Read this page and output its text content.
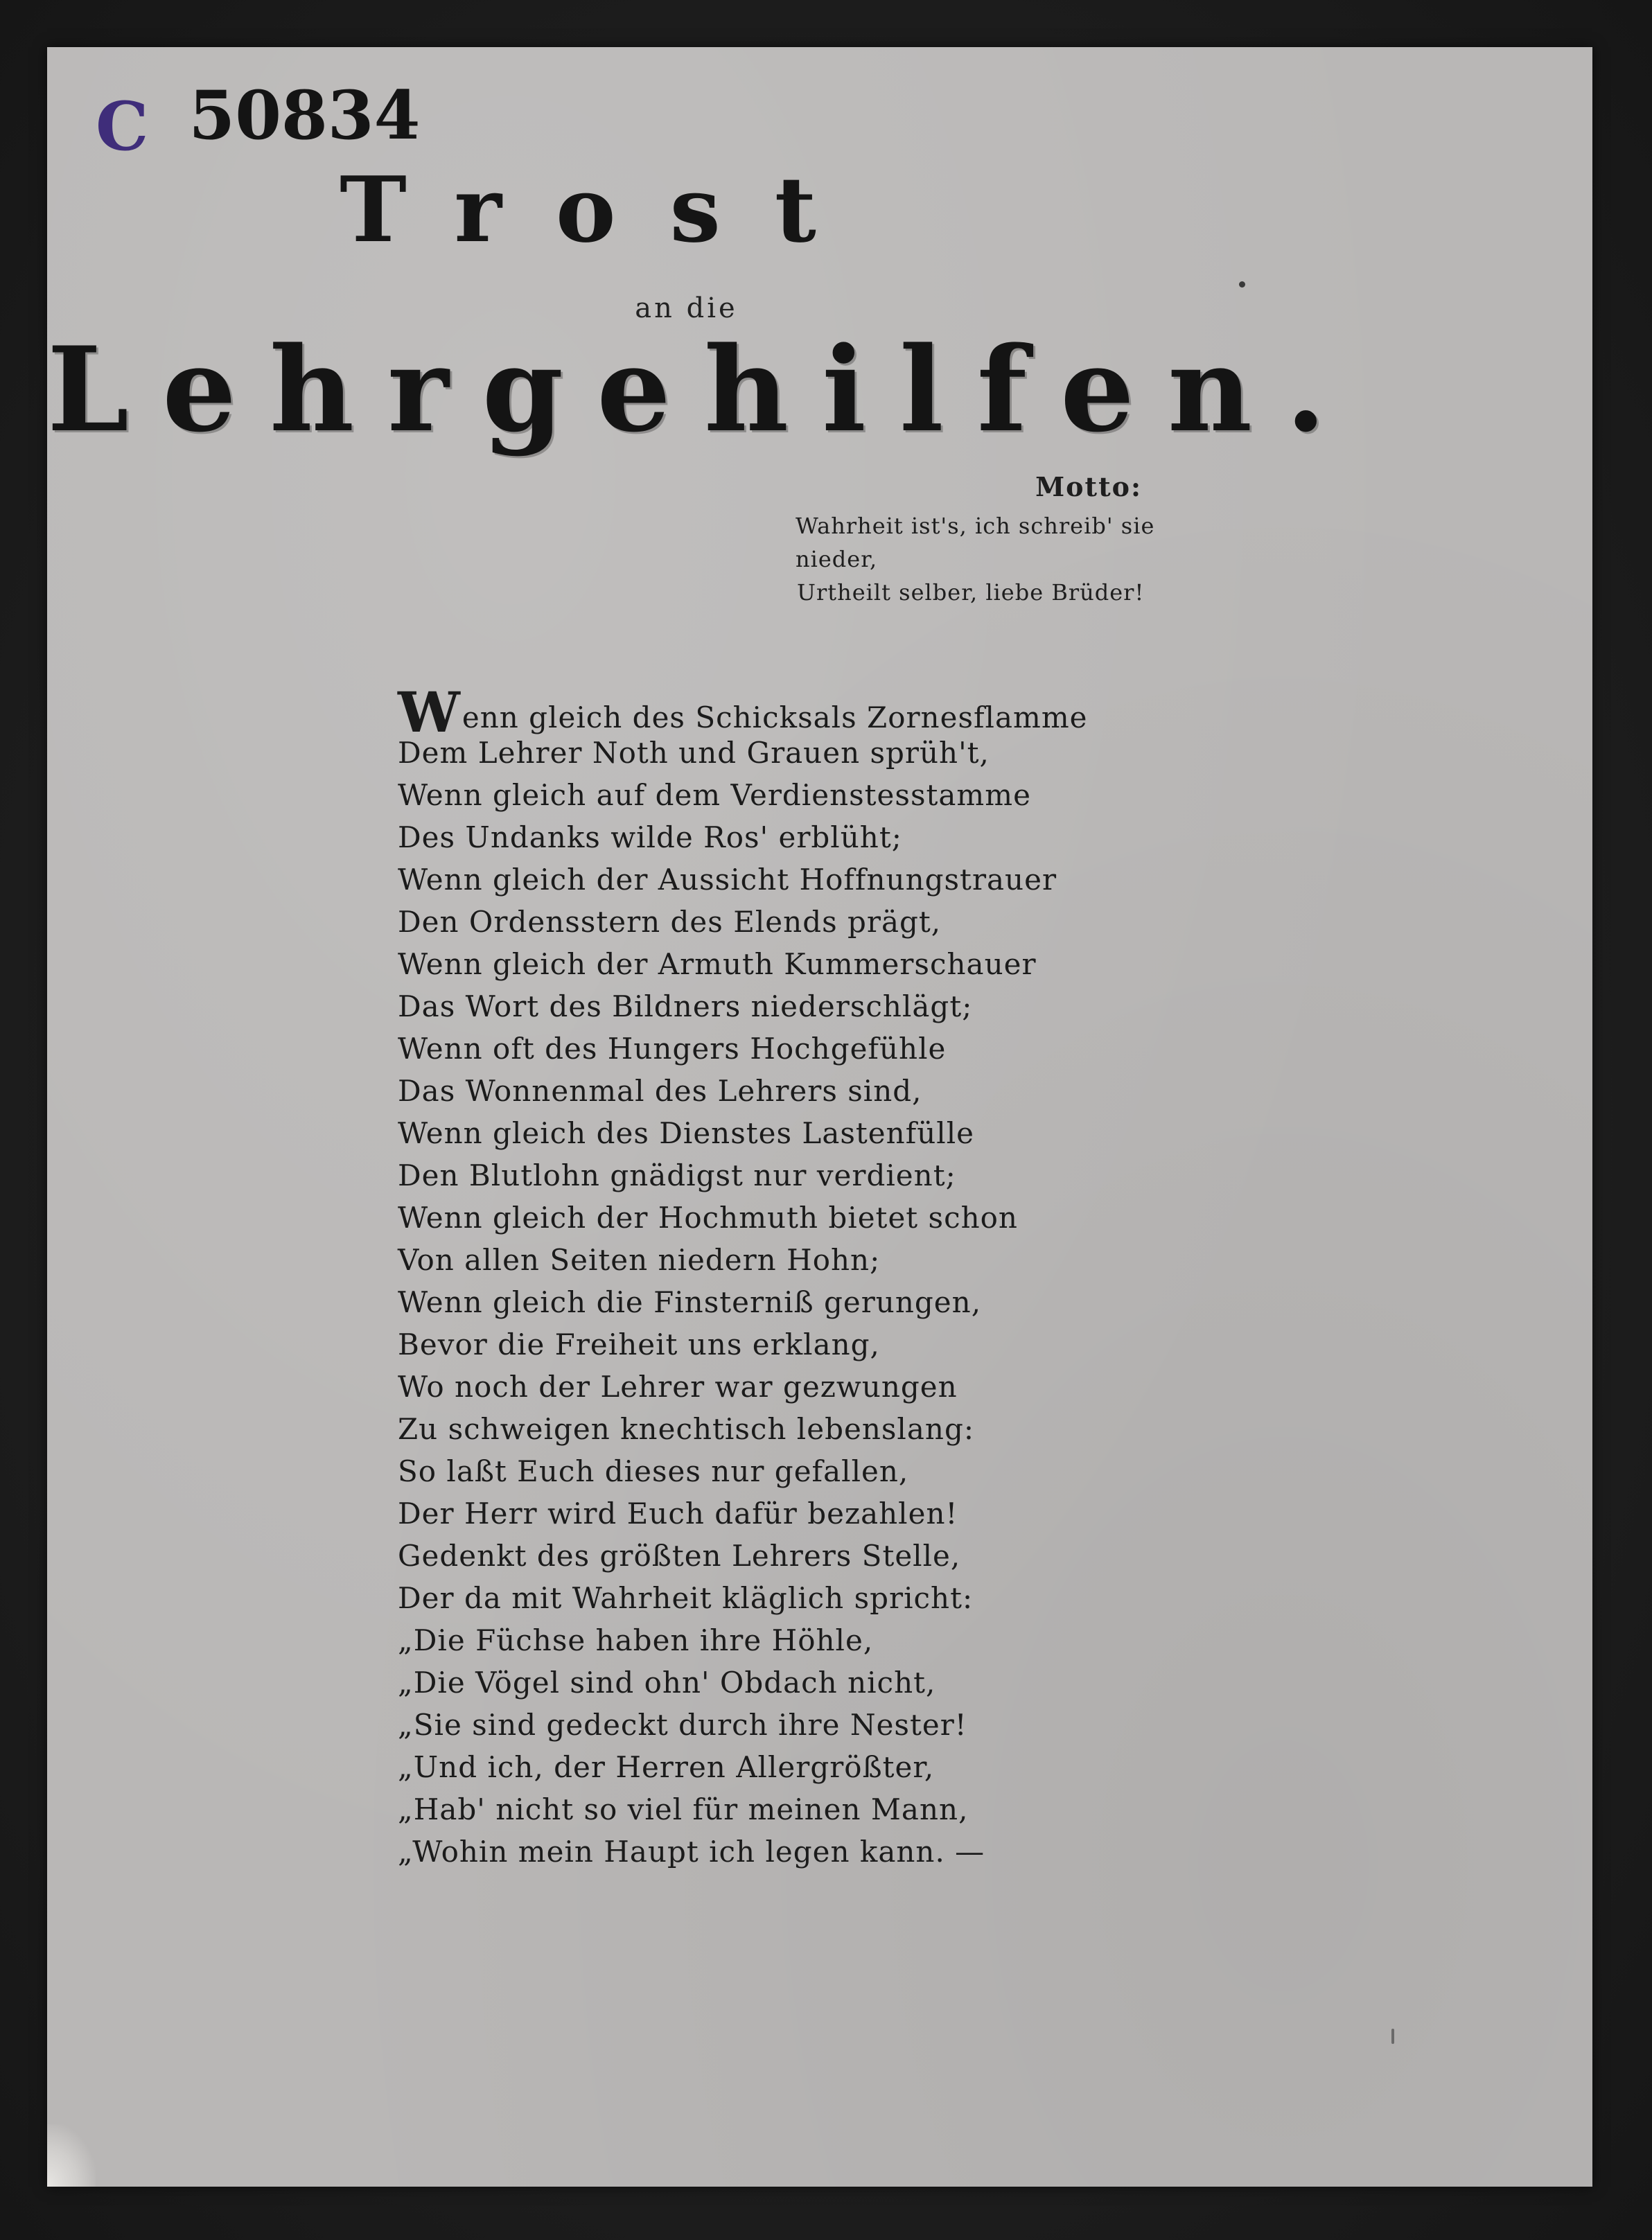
C 50834
Trost
an die
Lehrgehilfen.
Motto:
Wahrheit ist's, ich schreib' sie nieder,
Urtheilt selber, liebe Brüder!
Wenn gleich des Schicksals Zornesflamme
Dem Lehrer Noth und Grauen sprüh't,
Wenn gleich auf dem Verdienstesstamme
Des Undanks wilde Ros' erblüht;
Wenn gleich der Aussicht Hoffnungstrauer
Den Ordensstern des Elends prägt,
Wenn gleich der Armuth Kummerschauer
Das Wort des Bildners niederschlägt;
Wenn oft des Hungers Hochgefühle
Das Wonnenmal des Lehrers sind,
Wenn gleich des Dienstes Lastenfülle
Den Blutlohn gnädigst nur verdient;
Wenn gleich der Hochmuth bietet schon
Von allen Seiten niedern Hohn;
Wenn gleich die Finsterniß gerungen,
Bevor die Freiheit uns erklang,
Wo noch der Lehrer war gezwungen
Zu schweigen knechtisch lebenslang:
So laßt Euch dieses nur gefallen,
Der Herr wird Euch dafür bezahlen!
Gedenkt des größten Lehrers Stelle,
Der da mit Wahrheit kläglich spricht:
„Die Füchse haben ihre Höhle,
„Die Vögel sind ohn' Obdach nicht,
„Sie sind gedeckt durch ihre Nester!
„Und ich, der Herren Allergrößter,
„Hab' nicht so viel für meinen Mann,
„Wohin mein Haupt ich legen kann. —
